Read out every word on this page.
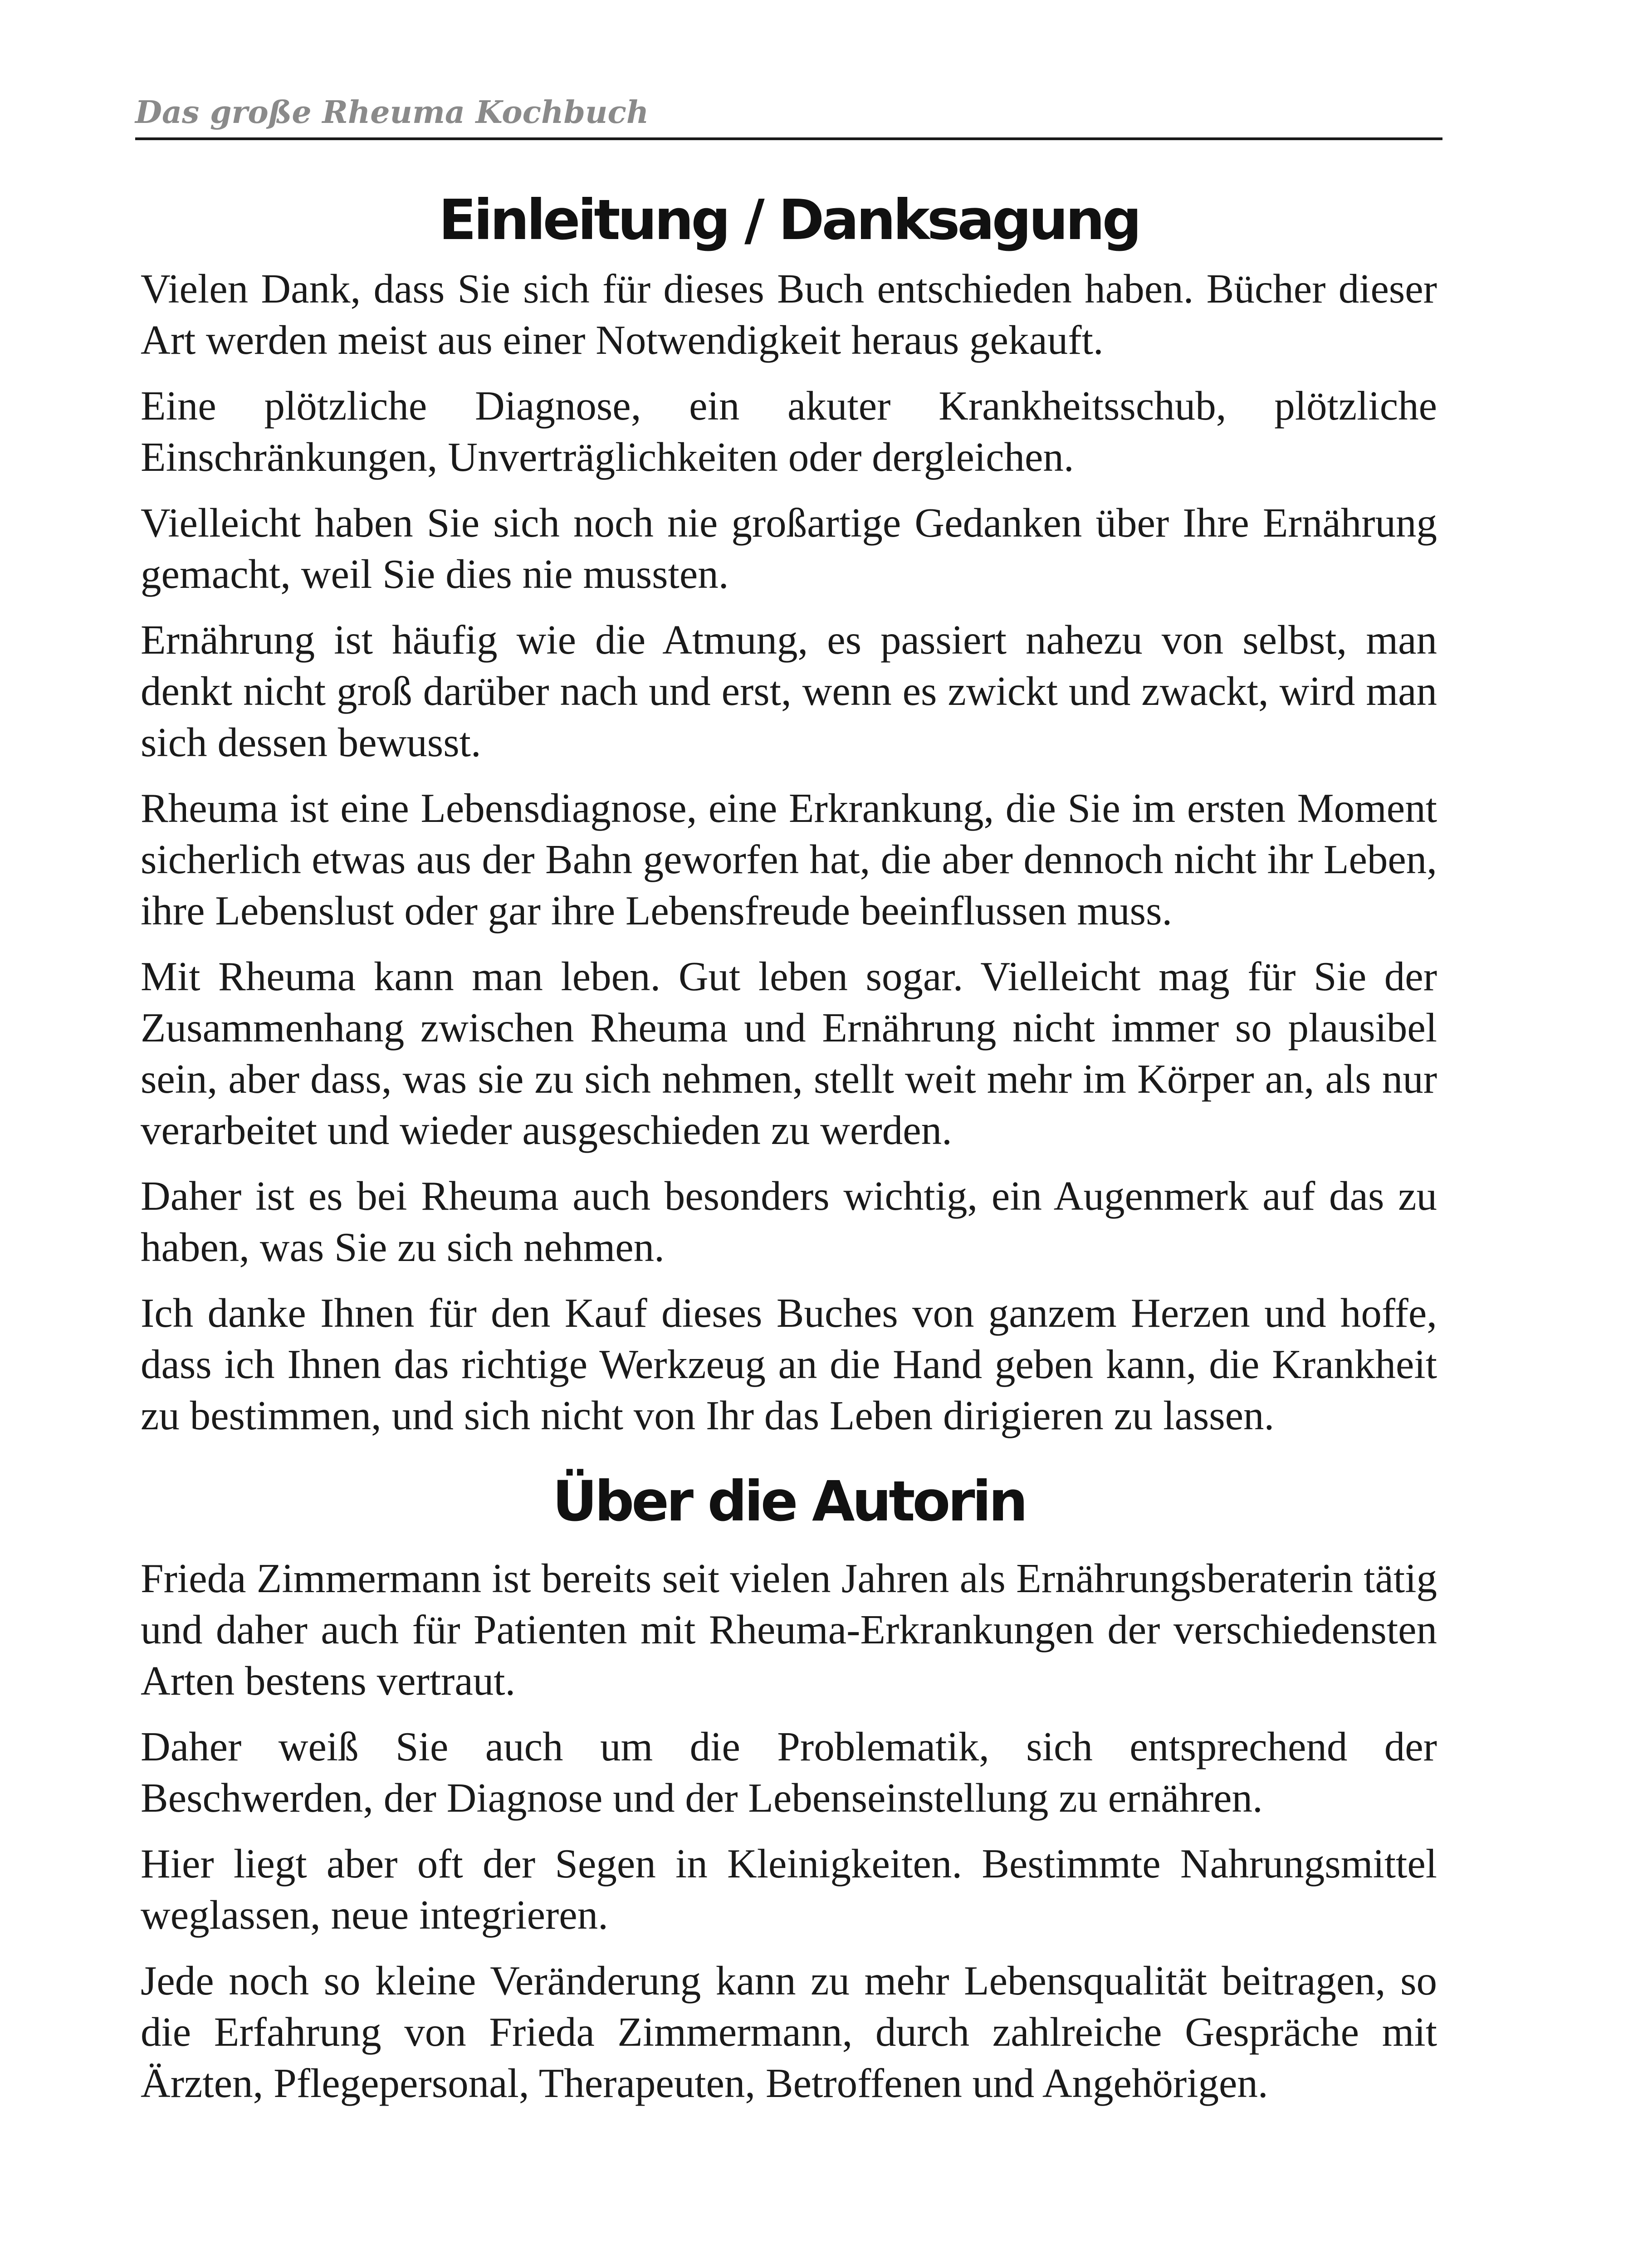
Das große Rheuma Kochbuch
Einleitung / Danksagung

Vielen Dank, dass Sie sich für dieses Buch entschieden haben. Bücher dieser Art werden meist aus einer Notwendigkeit heraus gekauft.

Eine plötzliche Diagnose, ein akuter Krankheitsschub, plötzliche Einschränkungen, Unverträglichkeiten oder dergleichen.

Vielleicht haben Sie sich noch nie großartige Gedanken über Ihre Ernährung gemacht, weil Sie dies nie mussten.

Ernährung ist häufig wie die Atmung, es passiert nahezu von selbst, man denkt nicht groß darüber nach und erst, wenn es zwickt und zwackt, wird man sich dessen bewusst.

Rheuma ist eine Lebensdiagnose, eine Erkrankung, die Sie im ersten Moment sicherlich etwas aus der Bahn geworfen hat, die aber dennoch nicht ihr Leben, ihre Lebenslust oder gar ihre Lebensfreude beeinflussen muss.

Mit Rheuma kann man leben. Gut leben sogar. Vielleicht mag für Sie der Zusammenhang zwischen Rheuma und Ernährung nicht immer so plausibel sein, aber dass, was sie zu sich nehmen, stellt weit mehr im Körper an, als nur verarbeitet und wieder ausgeschieden zu werden.

Daher ist es bei Rheuma auch besonders wichtig, ein Augenmerk auf das zu haben, was Sie zu sich nehmen.

Ich danke Ihnen für den Kauf dieses Buches von ganzem Herzen und hoffe, dass ich Ihnen das richtige Werkzeug an die Hand geben kann, die Krankheit zu bestimmen, und sich nicht von Ihr das Leben dirigieren zu lassen.

Über die Autorin

Frieda Zimmermann ist bereits seit vielen Jahren als Ernährungsberaterin tätig und daher auch für Patienten mit Rheuma-Erkrankungen der verschiedensten Arten bestens vertraut.

Daher weiß Sie auch um die Problematik, sich entsprechend der Beschwerden, der Diagnose und der Lebenseinstellung zu ernähren.

Hier liegt aber oft der Segen in Kleinigkeiten. Bestimmte Nahrungsmittel weglassen, neue integrieren.

Jede noch so kleine Veränderung kann zu mehr Lebensqualität beitragen, so die Erfahrung von Frieda Zimmermann, durch zahlreiche Gespräche mit Ärzten, Pflegepersonal, Therapeuten, Betroffenen und Angehörigen.
